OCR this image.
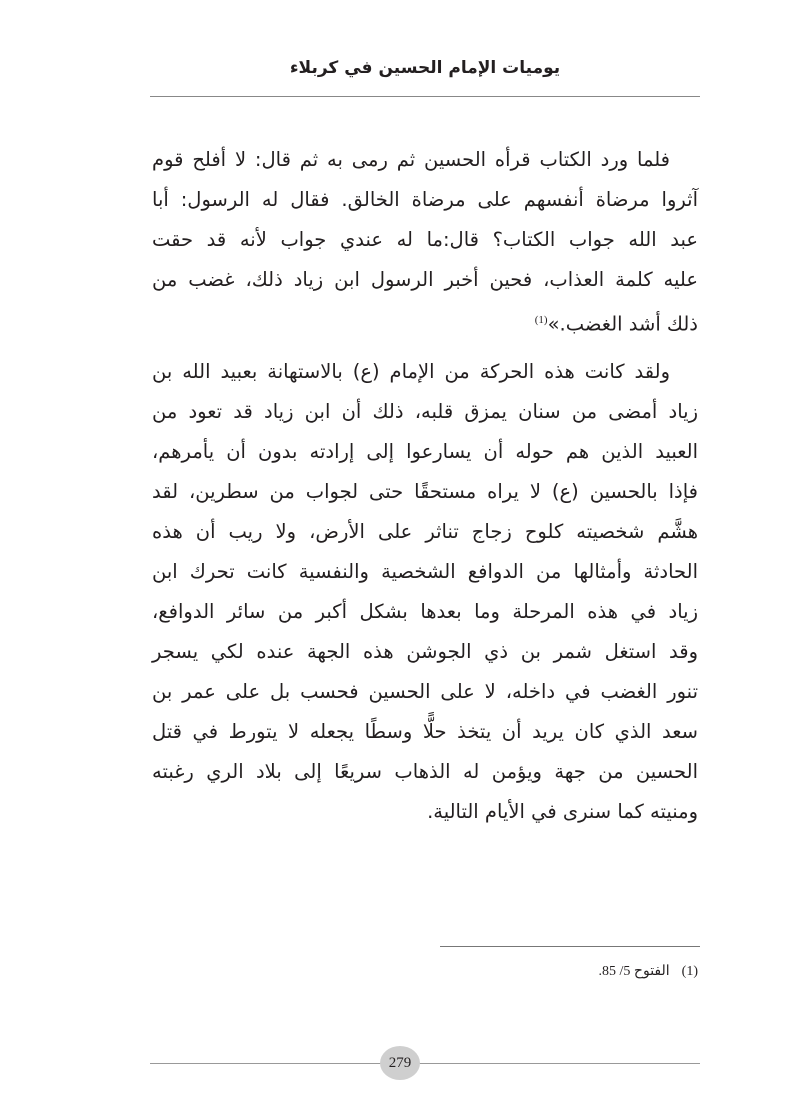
يوميات الإمام الحسين في كربلاء
فلما ورد الكتاب قرأه الحسين ثم رمى به ثم قال: لا أفلح قوم
آثروا مرضاة أنفسهم على مرضاة الخالق. فقال له الرسول: أبا
عبد الله جواب الكتاب؟ قال:ما له عندي جواب لأنه قد حقت
عليه كلمة العذاب، فحين أخبر الرسول ابن زياد ذلك، غضب من
ذلك أشد الغضب.»$^{(1)}$
ولقد كانت هذه الحركة من الإمام (ع) بالاستهانة بعبيد الله بن
زياد أمضى من سنان يمزق قلبه، ذلك أن ابن زياد قد تعود من
العبيد الذين هم حوله أن يسارعوا إلى إرادته بدون أن يأمرهم،
فإذا بالحسين (ع) لا يراه مستحقًا حتى لجواب من سطرين، لقد
هشَّم شخصيته كلوح زجاج تناثر على الأرض، ولا ريب أن هذه
الحادثة وأمثالها من الدوافع الشخصية والنفسية كانت تحرك ابن
زياد في هذه المرحلة وما بعدها بشكل أكبر من سائر الدوافع،
وقد استغل شمر بن ذي الجوشن هذه الجهة عنده لكي يسجر
تنور الغضب في داخله، لا على الحسين فحسب بل على عمر بن
سعد الذي كان يريد أن يتخذ حلًّا وسطًا يجعله لا يتورط في قتل
الحسين من جهة ويؤمن له الذهاب سريعًا إلى بلاد الري رغبته
ومنيته كما سنرى في الأيام التالية.
(1)الفتوح 5/ 85.
279
